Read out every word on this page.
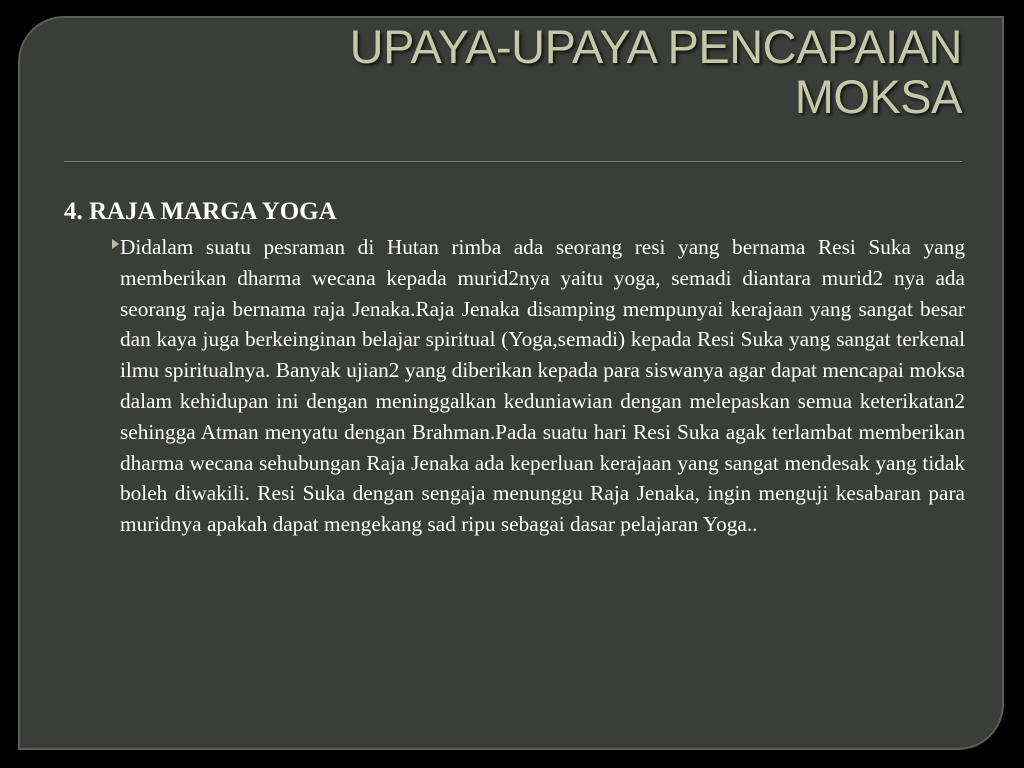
UPAYA-UPAYA PENCAPAIAN
MOKSA

4. RAJA MARGA YOGA

Didalam suatu pesraman di Hutan rimba ada seorang resi yang bernama Resi Suka yang memberikan dharma wecana kepada murid2nya yaitu yoga, semadi diantara murid2 nya ada seorang raja bernama raja Jenaka.Raja Jenaka disamping mempunyai kerajaan yang sangat besar dan kaya juga berkeinginan belajar spiritual (Yoga,semadi) kepada Resi Suka yang sangat terkenal ilmu spiritualnya. Banyak ujian2 yang diberikan kepada para siswanya agar dapat mencapai moksa dalam kehidupan ini dengan meninggalkan keduniawian dengan melepaskan semua keterikatan2 sehingga Atman menyatu dengan Brahman.Pada suatu hari Resi Suka agak terlambat memberikan dharma wecana sehubungan Raja Jenaka ada keperluan kerajaan yang sangat mendesak yang tidak boleh diwakili. Resi Suka dengan sengaja menunggu Raja Jenaka, ingin menguji kesabaran para muridnya apakah dapat mengekang sad ripu sebagai dasar pelajaran Yoga..
